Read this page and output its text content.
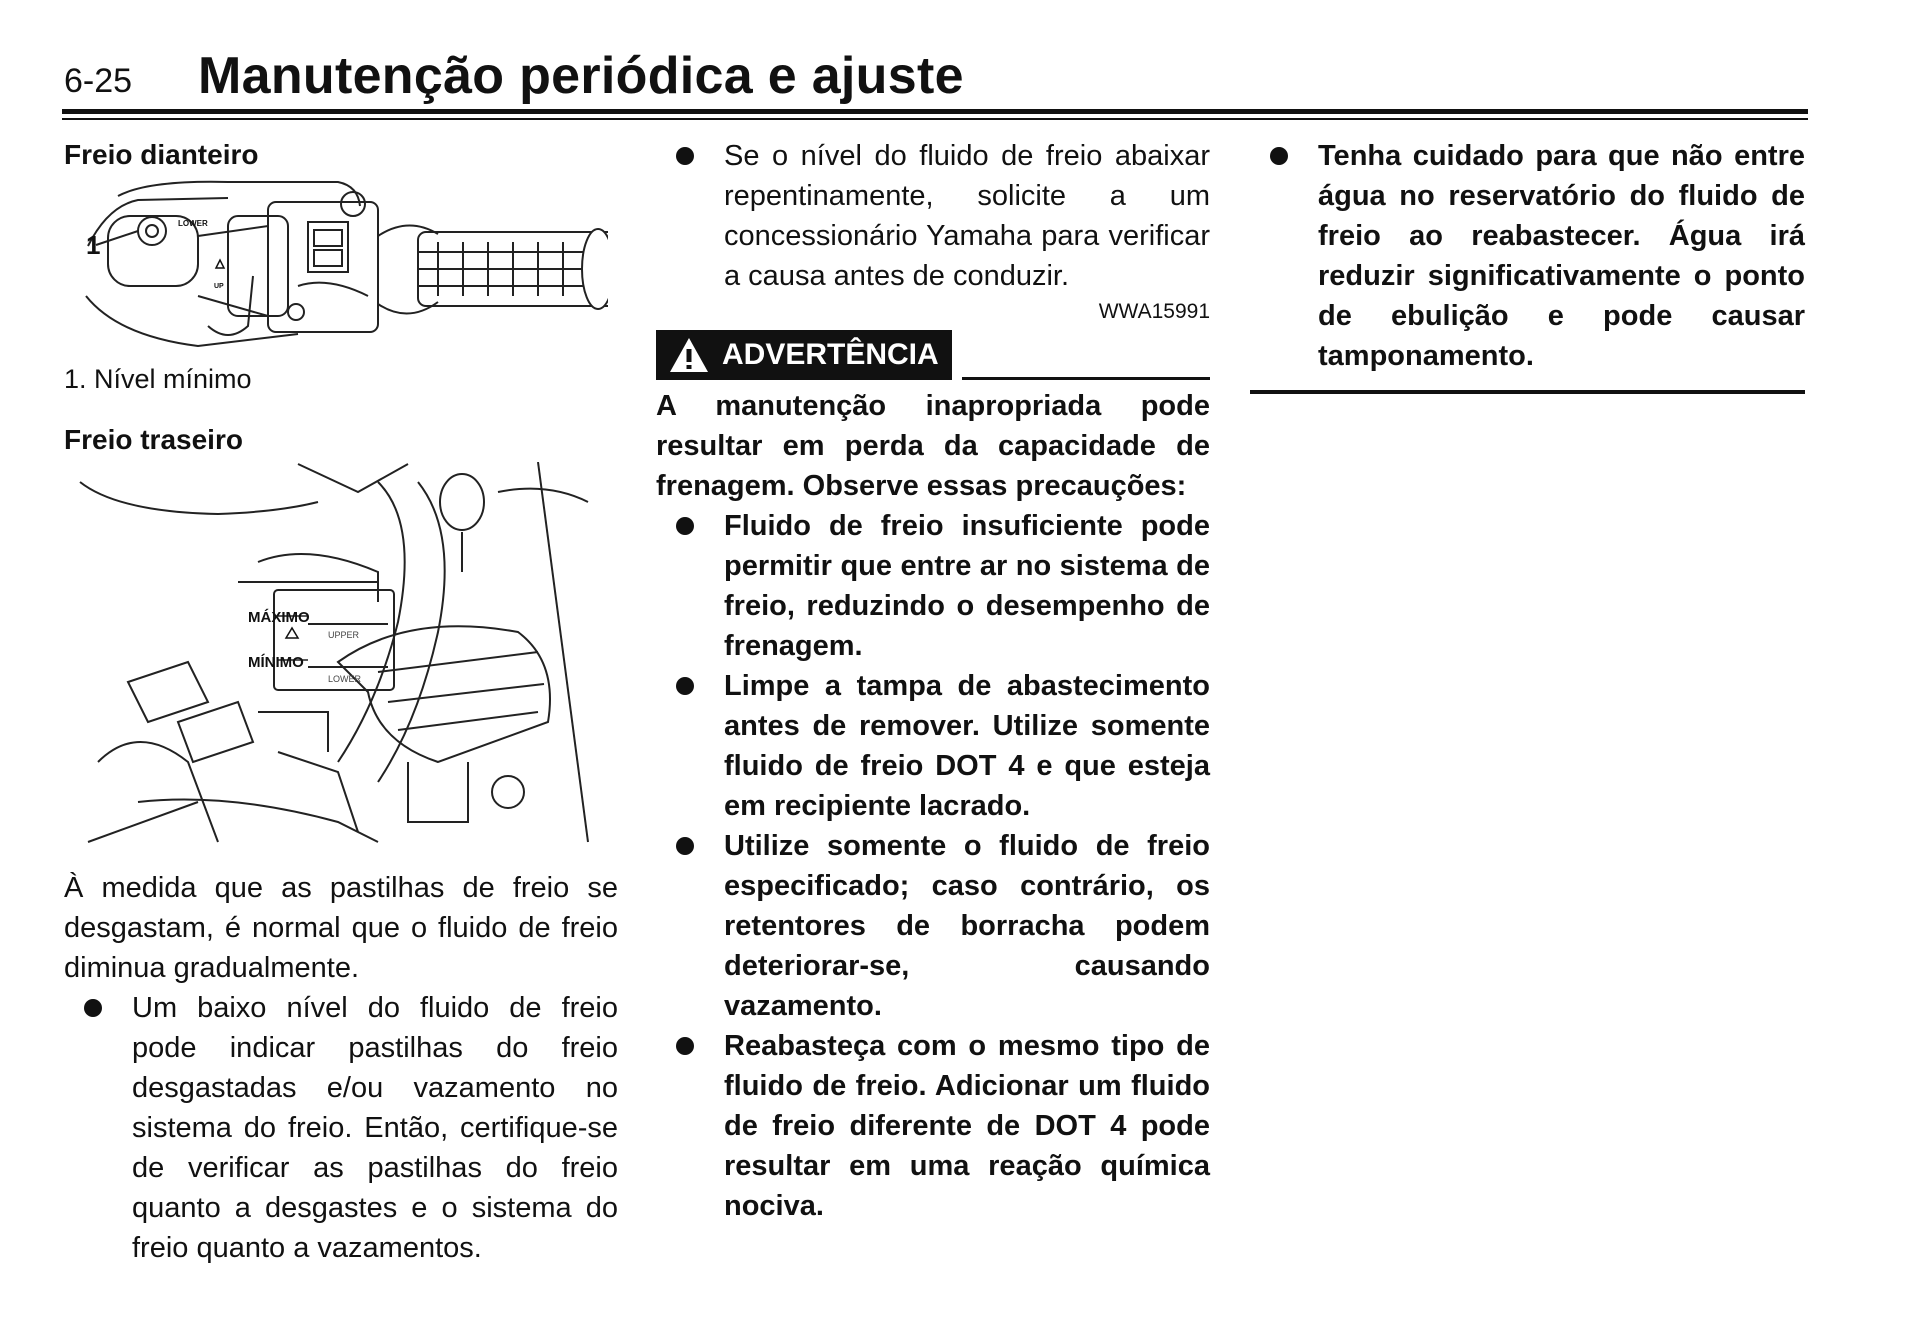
6-25 Manutenção periódica e ajuste
Freio dianteiro
1
LOWER
UP
1. Nível mínimo
Freio traseiro
MÁXIMO
MÍNIMO
UPPER
LOWER

À medida que as pastilhas de freio se desgastam, é normal que o fluido de freio diminua gradualmente.

Um baixo nível do fluido de freio pode indicar pastilhas do freio desgastadas e/ou vazamento no sistema do freio. Então, certifique-se de verificar as pastilhas do freio quanto a desgastes e o sistema do freio quanto a vazamentos.
Se o nível do fluido de freio abaixar repentinamente, solicite a um concessionário Yamaha para verificar a causa antes de conduzir.
WWA15991
ADVERTÊNCIA

A manutenção inapropriada pode resultar em perda da capacidade de frenagem. Observe essas precauções:

Fluido de freio insuficiente pode permitir que entre ar no sistema de freio, reduzindo o desempenho de frenagem.
Limpe a tampa de abastecimento antes de remover. Utilize somente fluido de freio DOT 4 e que esteja em recipiente lacrado.
Utilize somente o fluido de freio especificado; caso contrário, os retentores de borracha podem deteriorar-se, causando vazamento.
Reabasteça com o mesmo tipo de fluido de freio. Adicionar um fluido de freio diferente de DOT 4 pode resultar em uma reação química nociva.
Tenha cuidado para que não entre água no reservatório do fluido de freio ao reabastecer. Água irá reduzir significativamente o ponto de ebulição e pode causar tamponamento.
